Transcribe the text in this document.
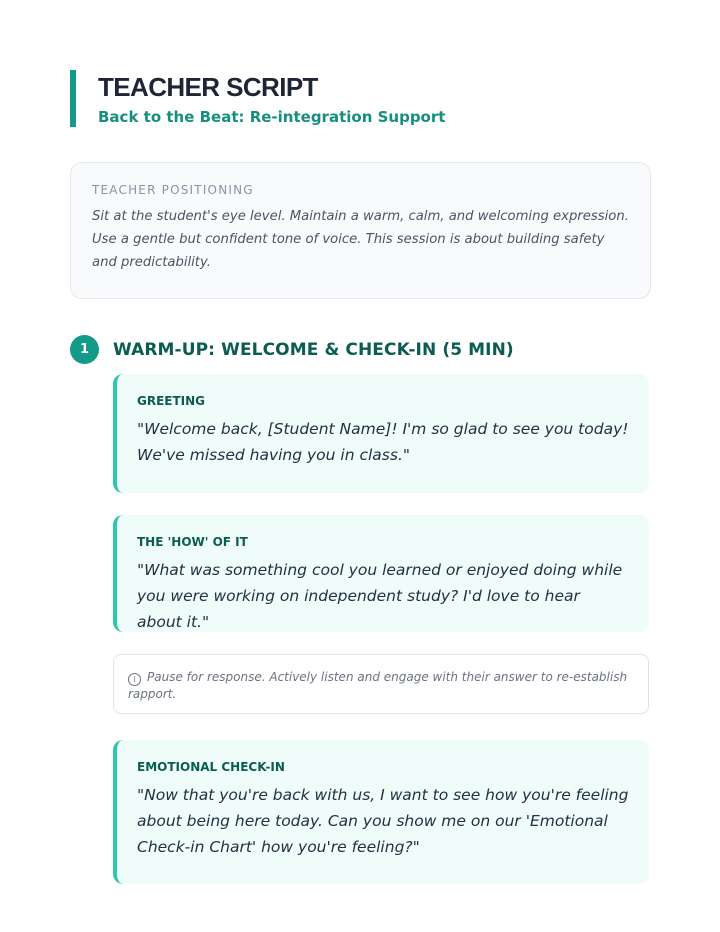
TEACHER SCRIPT
Back to the Beat: Re-integration Support
TEACHER POSITIONING
Sit at the student's eye level. Maintain a warm, calm, and welcoming expression. Use a gentle but confident tone of voice. This session is about building safety and predictability.
1	WARM-UP: WELCOME & CHECK-IN (5 MIN)
GREETING
"Welcome back, [Student Name]! I'm so glad to see you today! We've missed having you in class."
THE 'HOW' OF IT
"What was something cool you learned or enjoyed doing while you were working on independent study? I'd love to hear about it."
i Pause for response. Actively listen and engage with their answer to re-establish rapport.
EMOTIONAL CHECK-IN
"Now that you're back with us, I want to see how you're feeling about being here today. Can you show me on our 'Emotional Check-in Chart' how you're feeling?"
